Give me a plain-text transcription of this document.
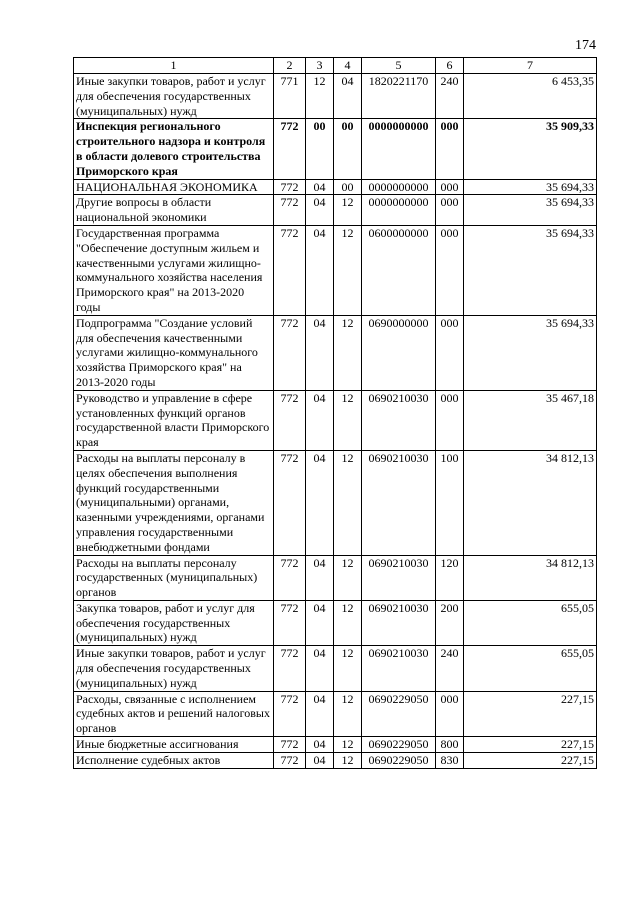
174
1	2	3	4	5	6	7
Иные закупки товаров, работ и услуг для обеспечения государственных (муниципальных) нужд	771	12	04	1820221170	240	6 453,35
Инспекция регионального строительного надзора и контроля в области долевого строительства Приморского края	772	00	00	0000000000	000	35 909,33
НАЦИОНАЛЬНАЯ ЭКОНОМИКА	772	04	00	0000000000	000	35 694,33
Другие вопросы в области национальной экономики	772	04	12	0000000000	000	35 694,33
Государственная программа "Обеспечение доступным жильем и качественными услугами жилищно-коммунального хозяйства населения Приморского края" на 2013-2020 годы	772	04	12	0600000000	000	35 694,33
Подпрограмма "Создание условий для обеспечения качественными услугами жилищно-коммунального хозяйства Приморского края" на 2013-2020 годы	772	04	12	0690000000	000	35 694,33
Руководство и управление в сфере установленных функций органов государственной власти Приморского края	772	04	12	0690210030	000	35 467,18
Расходы на выплаты персоналу в целях обеспечения выполнения функций государственными (муниципальными) органами, казенными учреждениями, органами управления государственными внебюджетными фондами	772	04	12	0690210030	100	34 812,13
Расходы на выплаты персоналу государственных (муниципальных) органов	772	04	12	0690210030	120	34 812,13
Закупка товаров, работ и услуг для обеспечения государственных (муниципальных) нужд	772	04	12	0690210030	200	655,05
Иные закупки товаров, работ и услуг для обеспечения государственных (муниципальных) нужд	772	04	12	0690210030	240	655,05
Расходы, связанные с исполнением судебных актов и решений налоговых органов	772	04	12	0690229050	000	227,15
Иные бюджетные ассигнования	772	04	12	0690229050	800	227,15
Исполнение судебных актов	772	04	12	0690229050	830	227,15
